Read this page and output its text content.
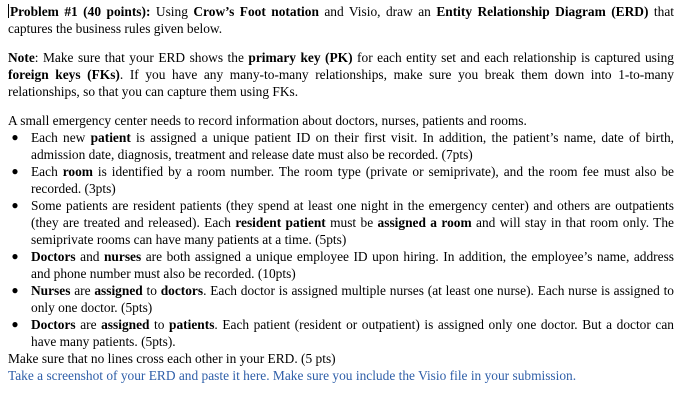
Problem #1 (40 points): Using Crow’s Foot notation and Visio, draw an Entity Relationship Diagram (ERD) that captures the business rules given below.

Note: Make sure that your ERD shows the primary key (PK) for each entity set and each relationship is captured using foreign keys (FKs). If you have any many-to-many relationships, make sure you break them down into 1-to-many relationships, so that you can capture them using FKs.

A small emergency center needs to record information about doctors, nurses, patients and rooms.

● Each new patient is assigned a unique patient ID on their first visit. In addition, the patient’s name, date of birth, admission date, diagnosis, treatment and release date must also be recorded. (7pts)
● Each room is identified by a room number. The room type (private or semiprivate), and the room fee must also be recorded. (3pts)
● Some patients are resident patients (they spend at least one night in the emergency center) and others are outpatients (they are treated and released). Each resident patient must be assigned a room and will stay in that room only. The semiprivate rooms can have many patients at a time. (5pts)
● Doctors and nurses are both assigned a unique employee ID upon hiring. In addition, the employee’s name, address and phone number must also be recorded. (10pts)
● Nurses are assigned to doctors. Each doctor is assigned multiple nurses (at least one nurse). Each nurse is assigned to only one doctor. (5pts)
● Doctors are assigned to patients. Each patient (resident or outpatient) is assigned only one doctor. But a doctor can have many patients. (5pts).

Make sure that no lines cross each other in your ERD. (5 pts)

Take a screenshot of your ERD and paste it here. Make sure you include the Visio file in your submission.
